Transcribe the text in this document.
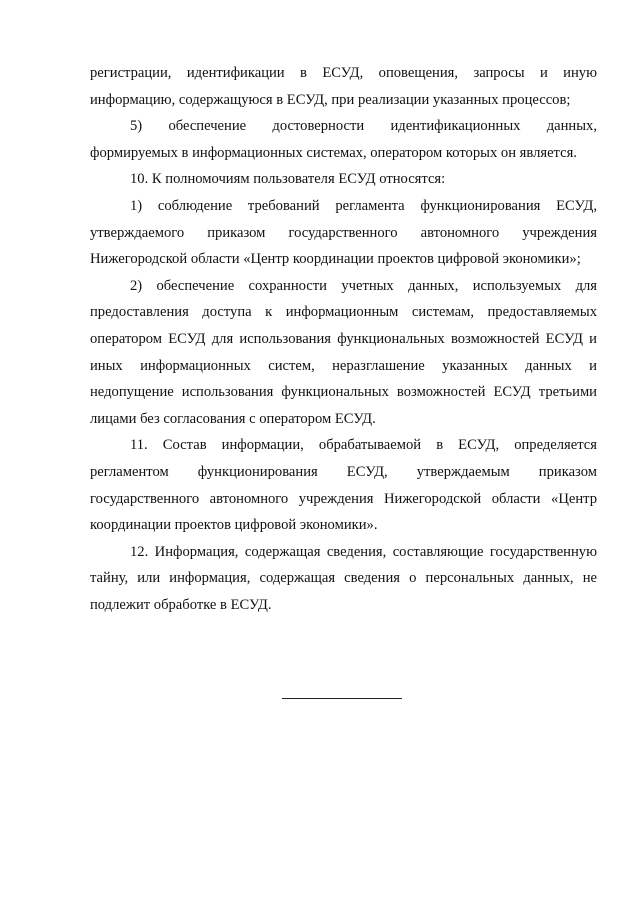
регистрации, идентификации в ЕСУД, оповещения, запросы и иную информацию, содержащуюся в ЕСУД, при реализации указанных процессов;

5) обеспечение достоверности идентификационных данных, формируемых в информационных системах, оператором которых он является.

10. К полномочиям пользователя ЕСУД относятся:

1) соблюдение требований регламента функционирования ЕСУД, утверждаемого приказом государственного автономного учреждения Нижегородской области «Центр координации проектов цифровой экономики»;

2) обеспечение сохранности учетных данных, используемых для предоставления доступа к информационным системам, предоставляемых оператором ЕСУД для использования функциональных возможностей ЕСУД и иных информационных систем, неразглашение указанных данных и недопущение использования функциональных возможностей ЕСУД третьими лицами без согласования с оператором ЕСУД.

11. Состав информации, обрабатываемой в ЕСУД, определяется регламентом функционирования ЕСУД, утверждаемым приказом государственного автономного учреждения Нижегородской области «Центр координации проектов цифровой экономики».

12. Информация, содержащая сведения, составляющие государственную тайну, или информация, содержащая сведения о персональных данных, не подлежит обработке в ЕСУД.
